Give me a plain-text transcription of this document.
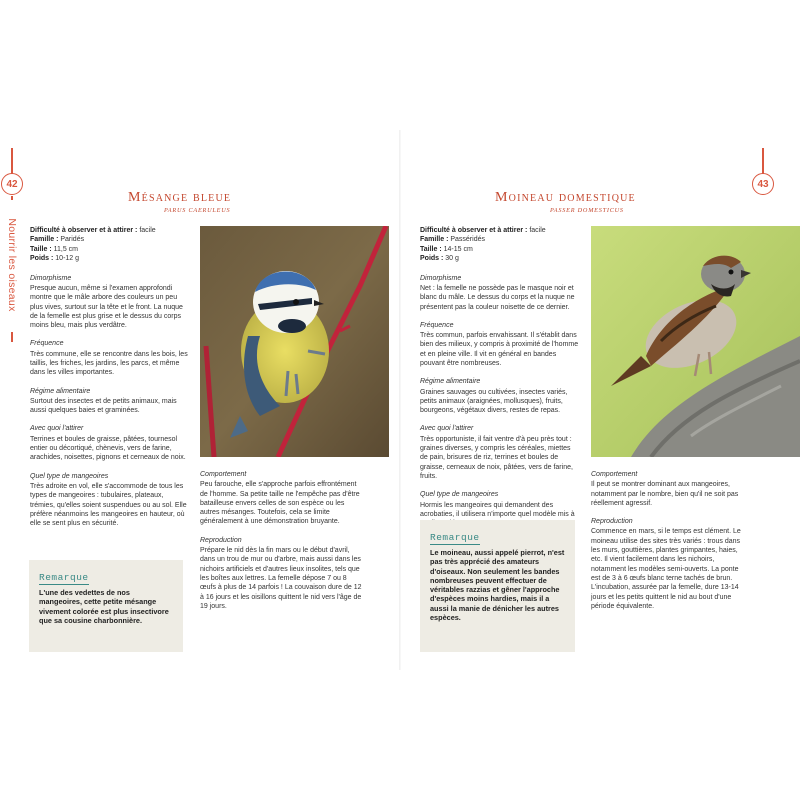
42
Nourrir les oiseaux
43
Mésange bleue
PARUS CAERULEUS
Difficulté à observer et à attirer : facile
Famille : Paridés
Taille : 11,5 cm
Poids : 10-12 g

Dimorphisme
Presque aucun, même si l'examen approfondi montre que le mâle arbore des couleurs un peu plus vives, surtout sur la tête et le front. La nuque de la femelle est plus grise et le dessus du corps moins bleu, mais plus verdâtre.

Fréquence
Très commune, elle se rencontre dans les bois, les taillis, les friches, les jardins, les parcs, et même dans les villes importantes.

Régime alimentaire
Surtout des insectes et de petits animaux, mais aussi quelques baies et graminées.

Avec quoi l'attirer
Terrines et boules de graisse, pâtées, tournesol entier ou décortiqué, chènevis, vers de farine, arachides, noisettes, pignons et cerneaux de noix.

Quel type de mangeoires
Très adroite en vol, elle s'accommode de tous les types de mangeoires : tubulaires, plateaux, trémies, qu'elles soient suspendues ou au sol. Elle préfère néanmoins les mangeoires en hauteur, où elle se sent plus en sécurité.

Comportement
Peu farouche, elle s'approche parfois effrontément de l'homme. Sa petite taille ne l'empêche pas d'être batailleuse envers celles de son espèce ou les autres mésanges. Toutefois, cela se limite généralement à une démonstration bruyante.

Reproduction
Prépare le nid dès la fin mars ou le début d'avril, dans un trou de mur ou d'arbre, mais aussi dans les nichoirs artificiels et d'autres lieux insolites, tels que les boîtes aux lettres. La femelle dépose 7 ou 8 œufs à plus de 14 parfois ! La couvaison dure de 12 à 16 jours et les oisillons quittent le nid vers l'âge de 19 jours.

Remarque
L'une des vedettes de nos mangeoires, cette petite mésange vivement colorée est plus insectivore que sa cousine charbonnière.
Moineau domestique
PASSER DOMESTICUS
Difficulté à observer et à attirer : facile
Famille : Passéridés
Taille : 14-15 cm
Poids : 30 g

Dimorphisme
Net : la femelle ne possède pas le masque noir et blanc du mâle. Le dessus du corps et la nuque ne présentent pas la couleur noisette de ce dernier.

Fréquence
Très commun, parfois envahissant. Il s'établit dans bien des milieux, y compris à proximité de l'homme et en pleine ville. Il vit en général en bandes pouvant être nombreuses.

Régime alimentaire
Graines sauvages ou cultivées, insectes variés, petits animaux (araignées, mollusques), fruits, bourgeons, végétaux divers, restes de repas.

Avec quoi l'attirer
Très opportuniste, il fait ventre d'à peu près tout : graines diverses, y compris les céréales, miettes de pain, brisures de riz, terrines et boules de graisse, cerneaux de noix, pâtées, vers de farine, fruits.

Quel type de mangeoires
Hormis les mangeoires qui demandent des acrobaties, il utilisera n'importe quel modèle mis à

Comportement
Il peut se montrer dominant aux mangeoires, notamment par le nombre, bien qu'il ne soit pas réellement agressif.

Reproduction
Commence en mars, si le temps est clément. Le moineau utilise des sites très variés : trous dans les murs, gouttières, plantes grimpantes, haies, etc. Il vient facilement dans les nichoirs, notamment les modèles semi-ouverts. La ponte est de 3 à 6 œufs blanc terne tachés de brun. L'incubation, assurée par la femelle, dure 13-14 jours et les petits quittent le nid au bout d'une période équivalente.

Remarque
Le moineau, aussi appelé pierrot, n'est pas très apprécié des amateurs d'oiseaux. Non seulement les bandes nombreuses peuvent effectuer de véritables razzias et gêner l'approche d'espèces moins hardies, mais il a aussi la manie de dénicher les autres espèces.
